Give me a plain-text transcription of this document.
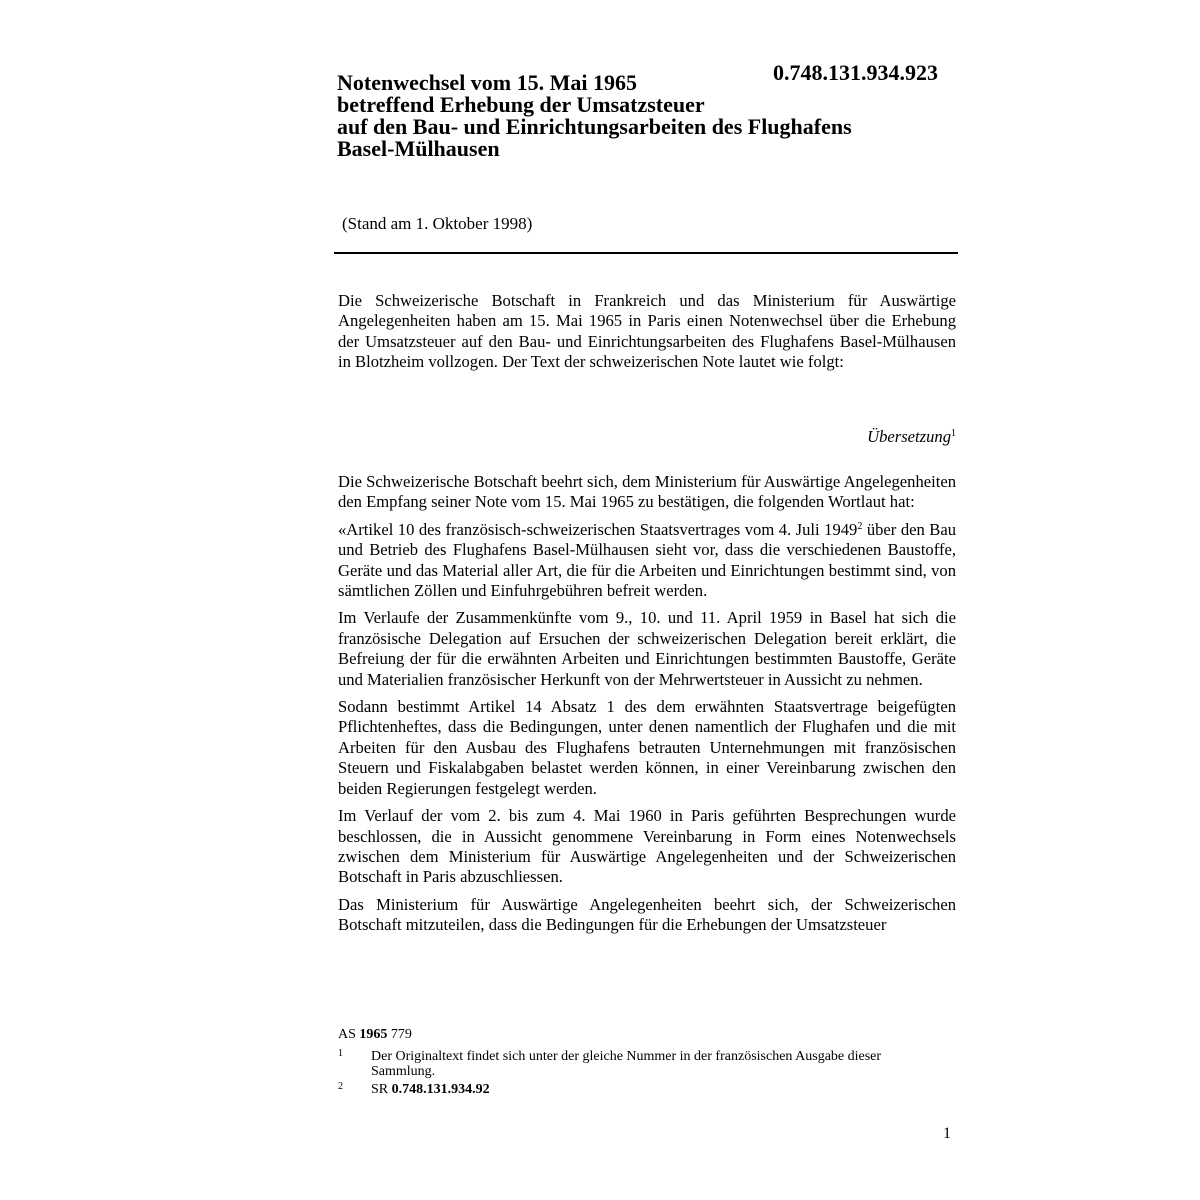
0.748.131.934.923
Notenwechsel vom 15. Mai 1965
betreffend Erhebung der Umsatzsteuer
auf den Bau- und Einrichtungsarbeiten des Flughafens
Basel-Mülhausen
(Stand am 1. Oktober 1998)
Die Schweizerische Botschaft in Frankreich und das Ministerium für Auswärtige Angelegenheiten haben am 15. Mai 1965 in Paris einen Notenwechsel über die Erhebung der Umsatzsteuer auf den Bau- und Einrichtungsarbeiten des Flughafens Basel-Mülhausen in Blotzheim vollzogen. Der Text der schweizerischen Note lautet wie folgt:
Übersetzung$^1$

Die Schweizerische Botschaft beehrt sich, dem Ministerium für Auswärtige Angelegenheiten den Empfang seiner Note vom 15. Mai 1965 zu bestätigen, die folgenden Wortlaut hat:

«Artikel 10 des französisch-schweizerischen Staatsvertrages vom 4. Juli 1949$^2$ über den Bau und Betrieb des Flughafens Basel-Mülhausen sieht vor, dass die verschiedenen Baustoffe, Geräte und das Material aller Art, die für die Arbeiten und Einrichtungen bestimmt sind, von sämtlichen Zöllen und Einfuhrgebühren befreit werden.

Im Verlaufe der Zusammenkünfte vom 9., 10. und 11. April 1959 in Basel hat sich die französische Delegation auf Ersuchen der schweizerischen Delegation bereit erklärt, die Befreiung der für die erwähnten Arbeiten und Einrichtungen bestimmten Baustoffe, Geräte und Materialien französischer Herkunft von der Mehrwertsteuer in Aussicht zu nehmen.

Sodann bestimmt Artikel 14 Absatz 1 des dem erwähnten Staatsvertrage beigefügten Pflichtenheftes, dass die Bedingungen, unter denen namentlich der Flughafen und die mit Arbeiten für den Ausbau des Flughafens betrauten Unternehmungen mit französischen Steuern und Fiskalabgaben belastet werden können, in einer Vereinbarung zwischen den beiden Regierungen festgelegt werden.

Im Verlauf der vom 2. bis zum 4. Mai 1960 in Paris geführten Besprechungen wurde beschlossen, die in Aussicht genommene Vereinbarung in Form eines Notenwechsels zwischen dem Ministerium für Auswärtige Angelegenheiten und der Schweizerischen Botschaft in Paris abzuschliessen.

Das Ministerium für Auswärtige Angelegenheiten beehrt sich, der Schweizerischen Botschaft mitzuteilen, dass die Bedingungen für die Erhebungen der Umsatzsteuer

AS 1965 779
1 Der Originaltext findet sich unter der gleiche Nummer in der französischen Ausgabe dieser Sammlung.
2 SR 0.748.131.934.92
1
